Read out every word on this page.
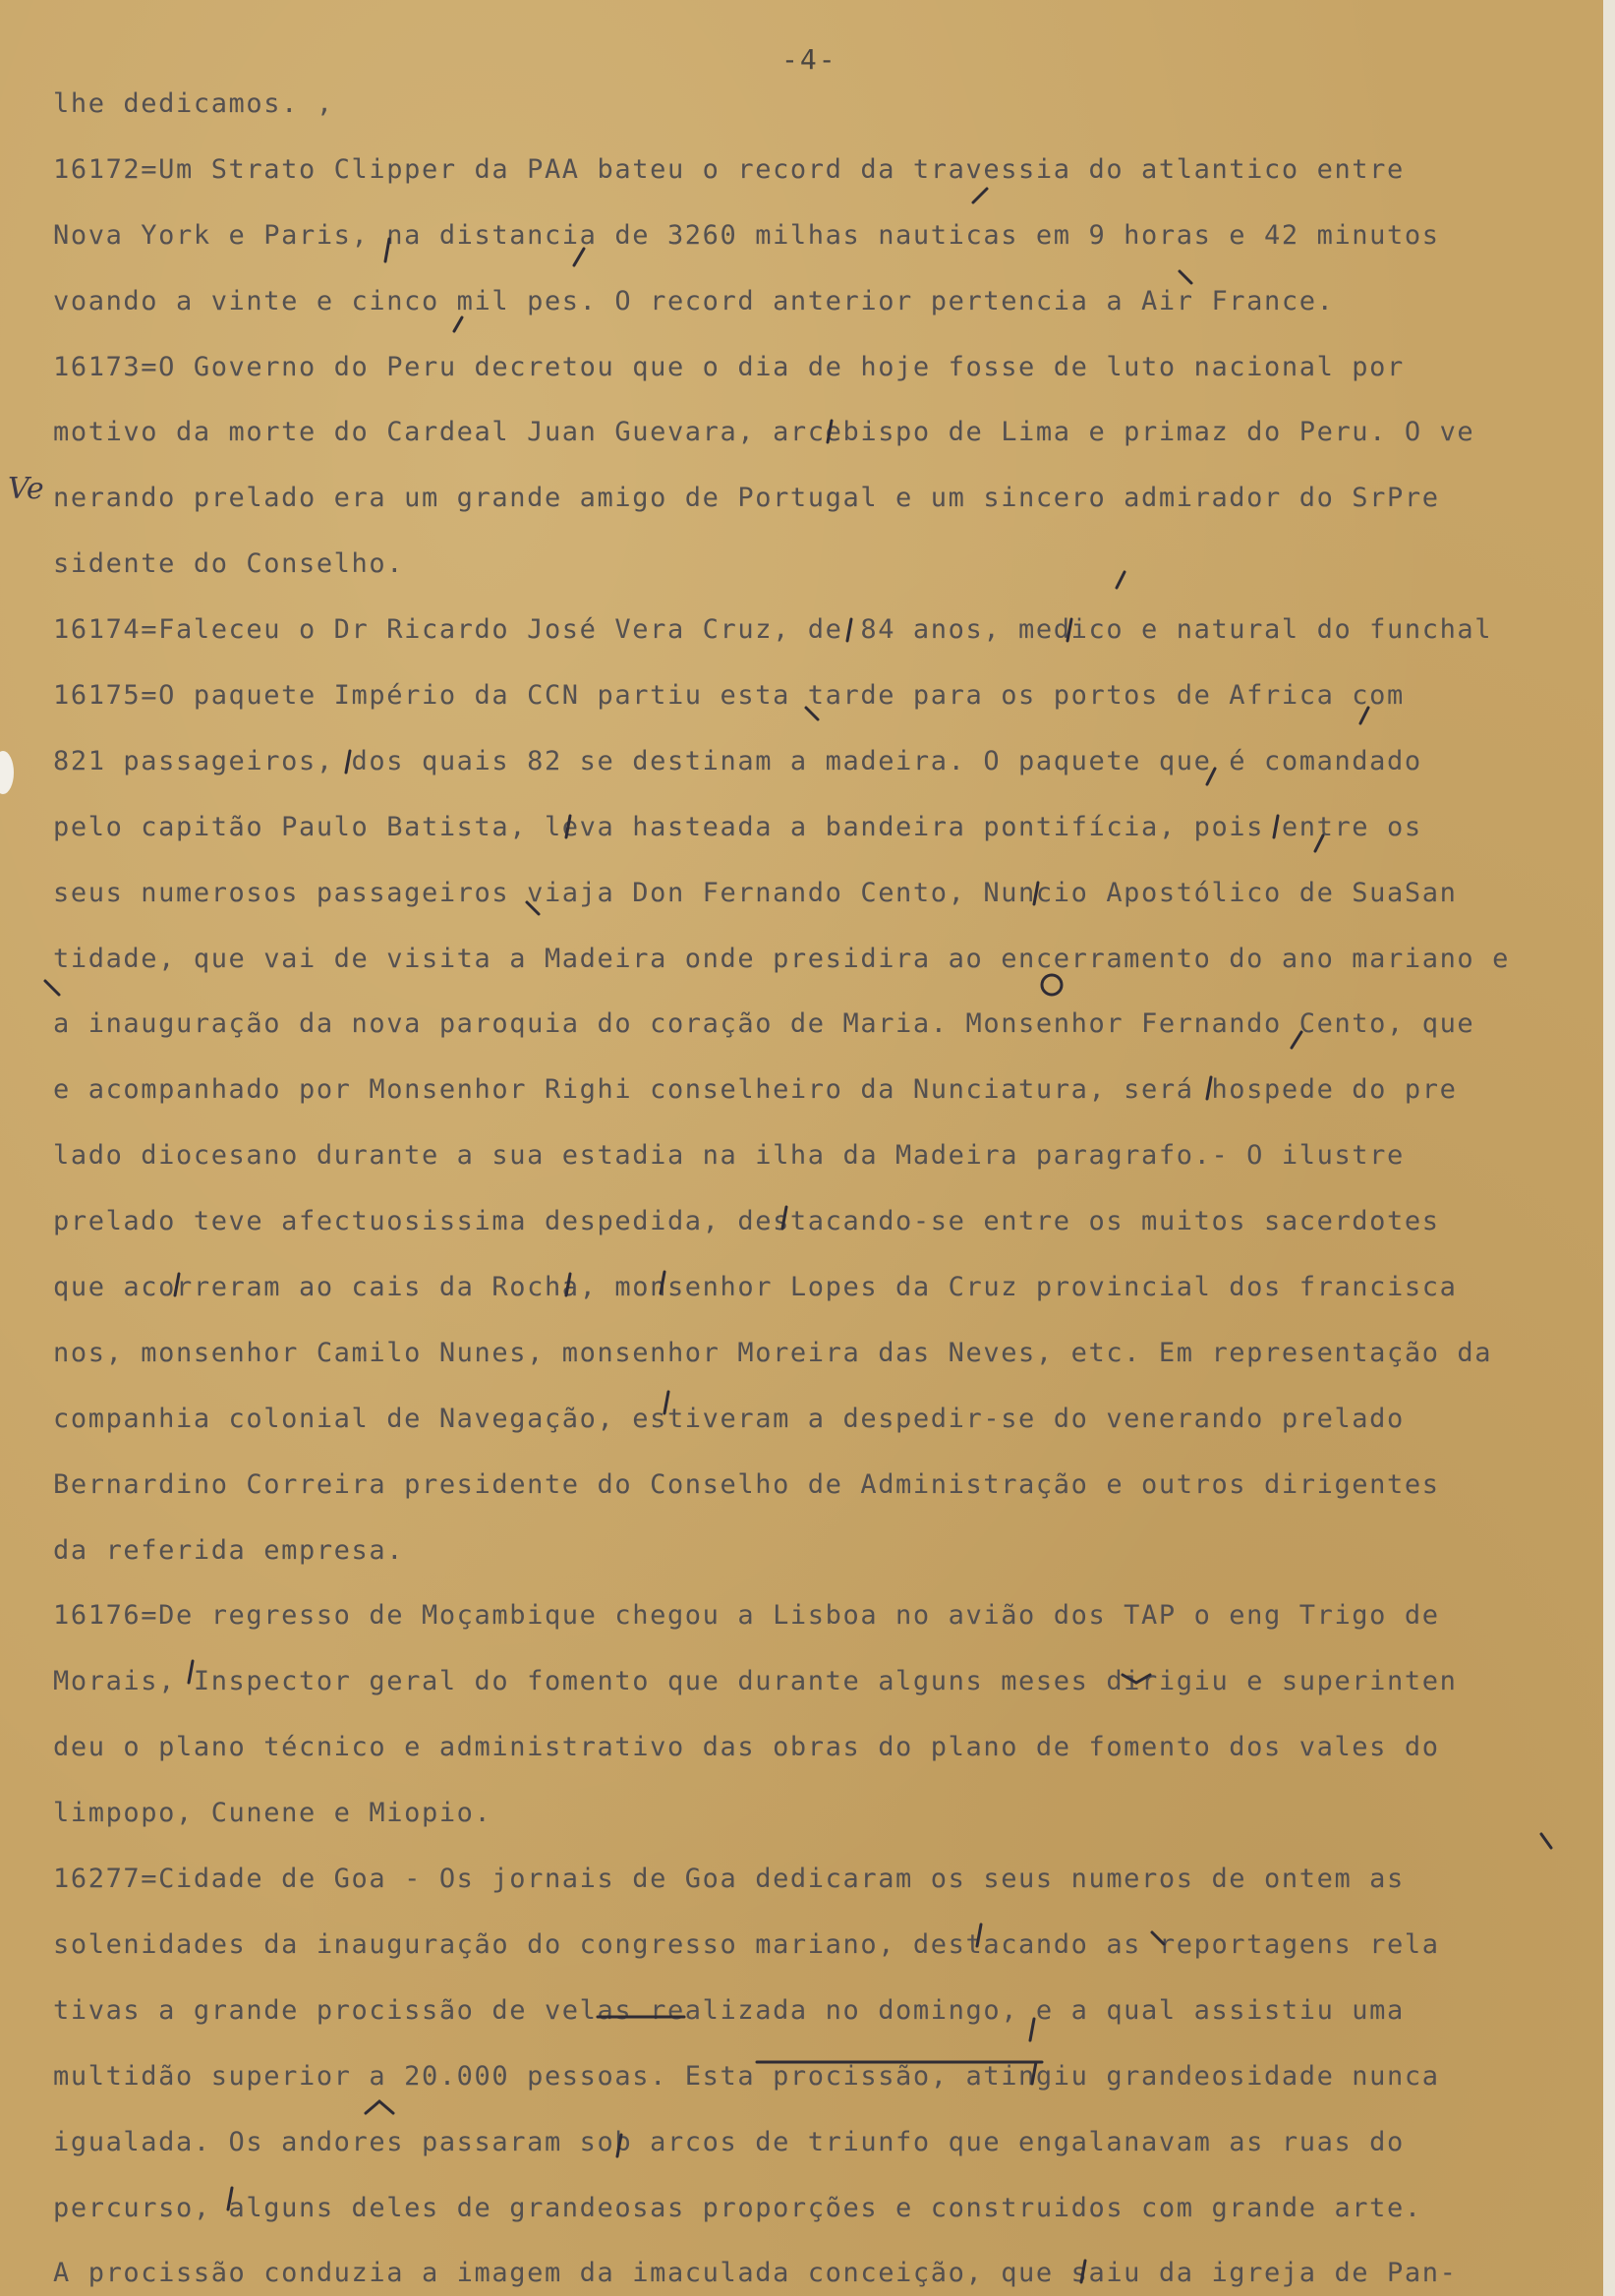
-4-
Ve
lhe dedicamos. ,
16172=Um Strato Clipper da PAA bateu o record da travessia do atlantico entre
Nova York e Paris, na distancia de 3260 milhas nauticas em 9 horas e 42 minutos
voando a vinte e cinco mil pes. O record anterior pertencia a Air France.
16173=O Governo do Peru decretou que o dia de hoje fosse de luto nacional por
motivo da morte do Cardeal Juan Guevara, arcebispo de Lima e primaz do Peru. O ve
nerando prelado era um grande amigo de Portugal e um sincero admirador do SrPre
sidente do Conselho.
16174=Faleceu o Dr Ricardo José Vera Cruz, de 84 anos, medico e natural do funchal
16175=O paquete Império da CCN partiu esta tarde para os portos de Africa com
821 passageiros, dos quais 82 se destinam a madeira. O paquete que é comandado
pelo capitão Paulo Batista, leva hasteada a bandeira pontifícia, pois entre os
seus numerosos passageiros viaja Don Fernando Cento, Nuncio Apostólico de SuaSan
tidade, que vai de visita a Madeira onde presidira ao encerramento do ano mariano e
a inauguração da nova paroquia do coração de Maria. Monsenhor Fernando Cento, que
e acompanhado por Monsenhor Righi conselheiro da Nunciatura, será hospede do pre
lado diocesano durante a sua estadia na ilha da Madeira paragrafo.- O ilustre
prelado teve afectuosissima despedida, destacando-se entre os muitos sacerdotes
que acorreram ao cais da Rocha, monsenhor Lopes da Cruz provincial dos francisca
nos, monsenhor Camilo Nunes, monsenhor Moreira das Neves, etc. Em representação da
companhia colonial de Navegação, estiveram a despedir-se do venerando prelado
Bernardino Correira presidente do Conselho de Administração e outros dirigentes
da referida empresa.
16176=De regresso de Moçambique chegou a Lisboa no avião dos TAP o eng Trigo de
Morais, Inspector geral do fomento que durante alguns meses dirigiu e superinten
deu o plano técnico e administrativo das obras do plano de fomento dos vales do
limpopo, Cunene e Miopio.
16277=Cidade de Goa - Os jornais de Goa dedicaram os seus numeros de ontem as
solenidades da inauguração do congresso mariano, destacando as reportagens rela
tivas a grande procissão de velas realizada no domingo, e a qual assistiu uma
multidão superior a 20.000 pessoas. Esta procissão, atingiu grandeosidade nunca
igualada. Os andores passaram sob arcos de triunfo que engalanavam as ruas do
percurso, alguns deles de grandeosas proporções e construidos com grande arte.
A procissão conduzia a imagem da imaculada conceição, que saiu da igreja de Pan-
